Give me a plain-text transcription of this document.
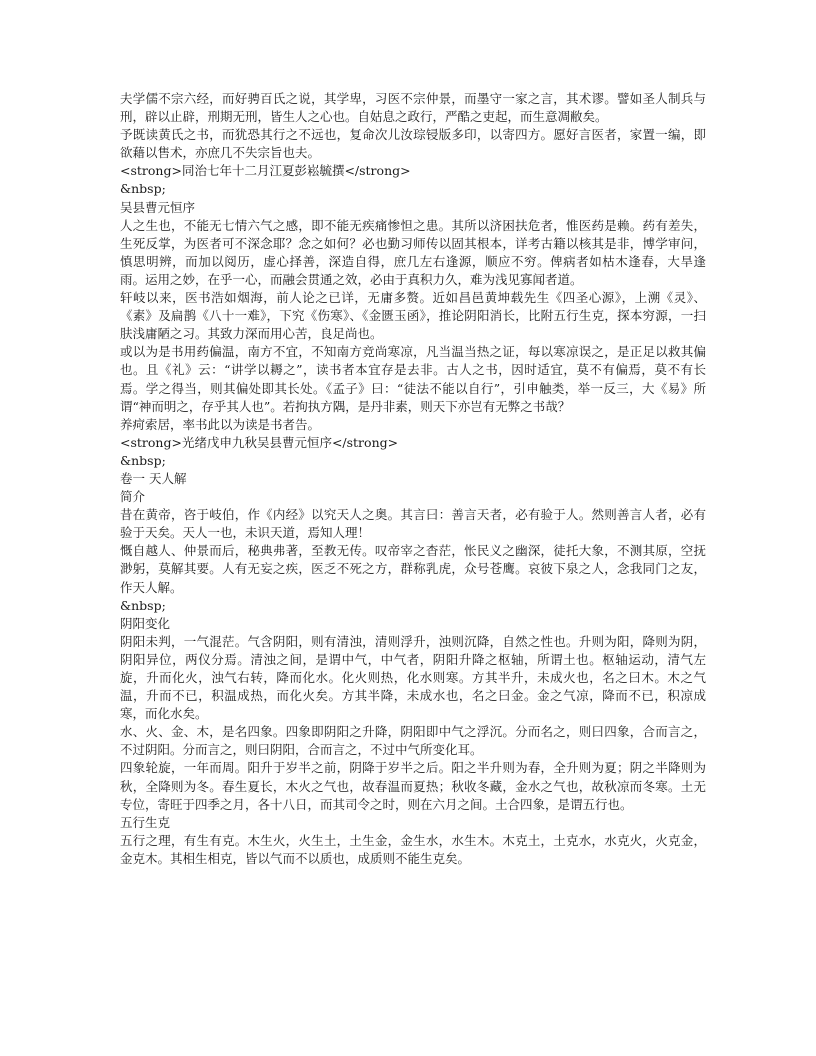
夫学儒不宗六经，而好骋百氏之说，其学卑，习医不宗仲景，而墨守一家之言，其术谬。譬如圣人制兵与刑，辟以止辟，刑期无刑，皆生人之心也。自姑息之政行，严酷之吏起，而生意凋敝矣。

予既读黄氏之书，而犹恐其行之不远也，复命次儿汝琮锓版多印，以寄四方。愿好言医者，家置一编，即欲藉以售术，亦庶几不失宗旨也夫。

<strong>同治七年十二月江夏彭崧毓撰</strong>

&nbsp;

吴县曹元恒序

人之生也，不能无七情六气之感，即不能无疾痛惨怛之患。其所以济困扶危者，惟医药是赖。药有差失，生死反掌，为医者可不深念耶？念之如何？必也勤习师传以固其根本，详考古籍以核其是非，博学审问，慎思明辨，而加以阅历，虚心择善，深造自得，庶几左右逢源，顺应不穷。俾病者如枯木逢春，大旱逢雨。运用之妙，在乎一心，而融会贯通之效，必由于真积力久，难为浅见寡闻者道。

轩岐以来，医书浩如烟海，前人论之已详，无庸多赘。近如昌邑黄坤载先生《四圣心源》，上溯《灵》、《素》及扁鹊《八十一难》，下究《伤寒》、《金匮玉函》，推论阴阳消长，比附五行生克，探本穷源，一扫肤浅庸陋之习。其致力深而用心苦，良足尚也。

或以为是书用药偏温，南方不宜，不知南方竞尚寒凉，凡当温当热之证，每以寒凉误之，是正足以救其偏也。且《礼》云：“讲学以耨之”，读书者本宜存是去非。古人之书，因时适宜，莫不有偏焉，莫不有长焉。学之得当，则其偏处即其长处。《孟子》曰：“徒法不能以自行”，引申触类，举一反三，大《易》所谓“神而明之，存乎其人也”。若拘执方隅，是丹非素，则天下亦岂有无弊之书哉？

养疴索居，率书此以为读是书者告。

<strong>光绪戊申九秋吴县曹元恒序</strong>

&nbsp;

卷一 天人解

简介

昔在黄帝，咨于岐伯，作《内经》以究天人之奥。其言曰：善言天者，必有验于人。然则善言人者，必有验于天矣。天人一也，未识天道，焉知人理！

慨自越人、仲景而后，秘典弗著，至教无传。叹帝宰之杳茫，怅民义之幽深，徒托大象，不测其原，空抚渺躬，莫解其要。人有无妄之疾，医乏不死之方，群称乳虎，众号苍鹰。哀彼下泉之人，念我同门之友，作天人解。

&nbsp;

阴阳变化

阴阳未判，一气混茫。气含阴阳，则有清浊，清则浮升，浊则沉降，自然之性也。升则为阳，降则为阴，阴阳异位，两仪分焉。清浊之间，是谓中气，中气者，阴阳升降之枢轴，所谓土也。枢轴运动，清气左旋，升而化火，浊气右转，降而化水。化火则热，化水则寒。方其半升，未成火也，名之曰木。木之气温，升而不已，积温成热，而化火矣。方其半降，未成水也，名之曰金。金之气凉，降而不已，积凉成寒，而化水矣。

水、火、金、木，是名四象。四象即阴阳之升降，阴阳即中气之浮沉。分而名之，则曰四象，合而言之，不过阴阳。分而言之，则曰阴阳，合而言之，不过中气所变化耳。

四象轮旋，一年而周。阳升于岁半之前，阴降于岁半之后。阳之半升则为春，全升则为夏；阴之半降则为秋，全降则为冬。春生夏长，木火之气也，故春温而夏热；秋收冬藏，金水之气也，故秋凉而冬寒。土无专位，寄旺于四季之月，各十八日，而其司令之时，则在六月之间。土合四象，是谓五行也。

五行生克

五行之理，有生有克。木生火，火生土，土生金，金生水，水生木。木克土，土克水，水克火，火克金，金克木。其相生相克，皆以气而不以质也，成质则不能生克矣。
